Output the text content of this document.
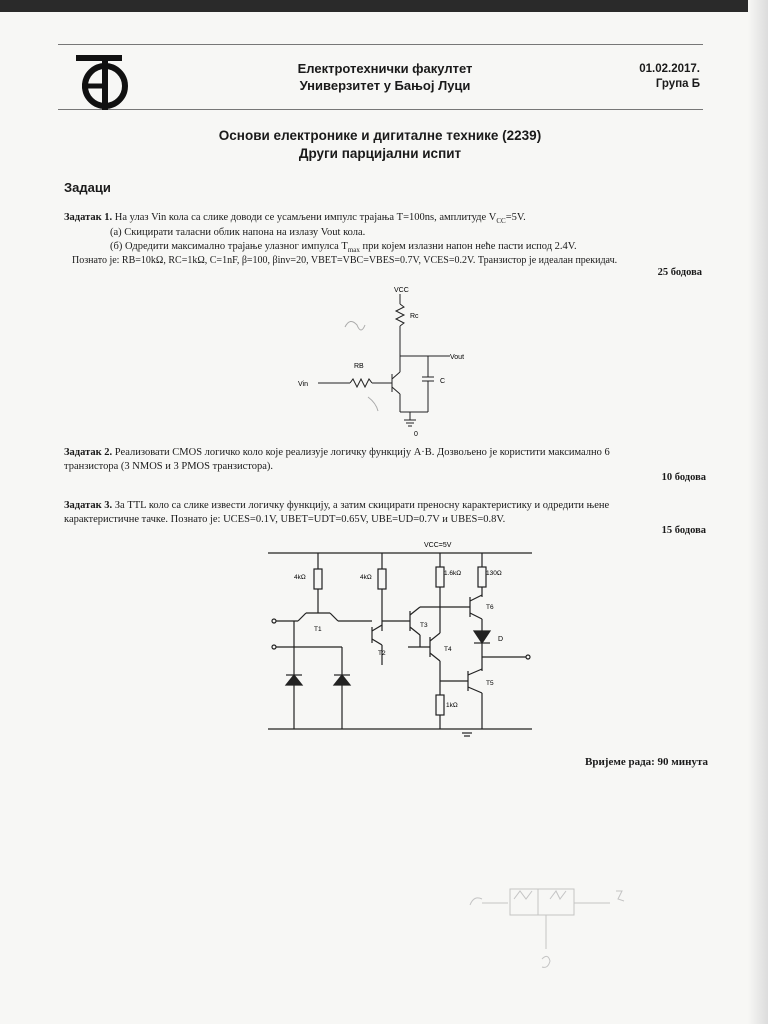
Електротехнички факултет
Универзитет у Бањој Луци
01.02.2017.
Група Б
Основи електронике и дигиталне технике (2239)
Други парцијални испит
Задаци
Задатак 1. На улаз Vin кола са слике доводи се усамљени импулс трајања T=100ns, амплитуде $V_{CC}=5V$.
(а) Скицирати таласни облик напона на излазу Vout кола.
(б) Одредити максимално трајање улазног импулса $T_{max}$ при којем излазни напон неће пасти испод 2.4V.
Познато је: RB=10kΩ, RC=1kΩ, C=1nF, β=100, βinv=20, VBET=VBC=VBES=0.7V, VCES=0.2V. Транзистор је идеалан прекидач.
25 бодова
VCC
Rc
RB
Vout
Vin	C
0
Задатак 2. Реализовати CMOS логичко коло које реализује логичку функцију A·B. Дозвољено је користити максимално 6
транзистора (3 NMOS и 3 PMOS транзистора).
10 бодова
Задатак 3. За TTL коло са слике извести логичку функцију, а затим скицирати преносну карактеристику и одредити њене
карактеристичне тачке. Познато је: UCES=0.1V, UBET=UDT=0.65V, UBE=UD=0.7V и UBES=0.8V.
15 бодова
VCC=5V
4kΩ	4kΩ
1.6kΩ	130Ω
1kΩ
T1
T2
T3
T4
T5
T6
D
Вријеме рада: 90 минута
